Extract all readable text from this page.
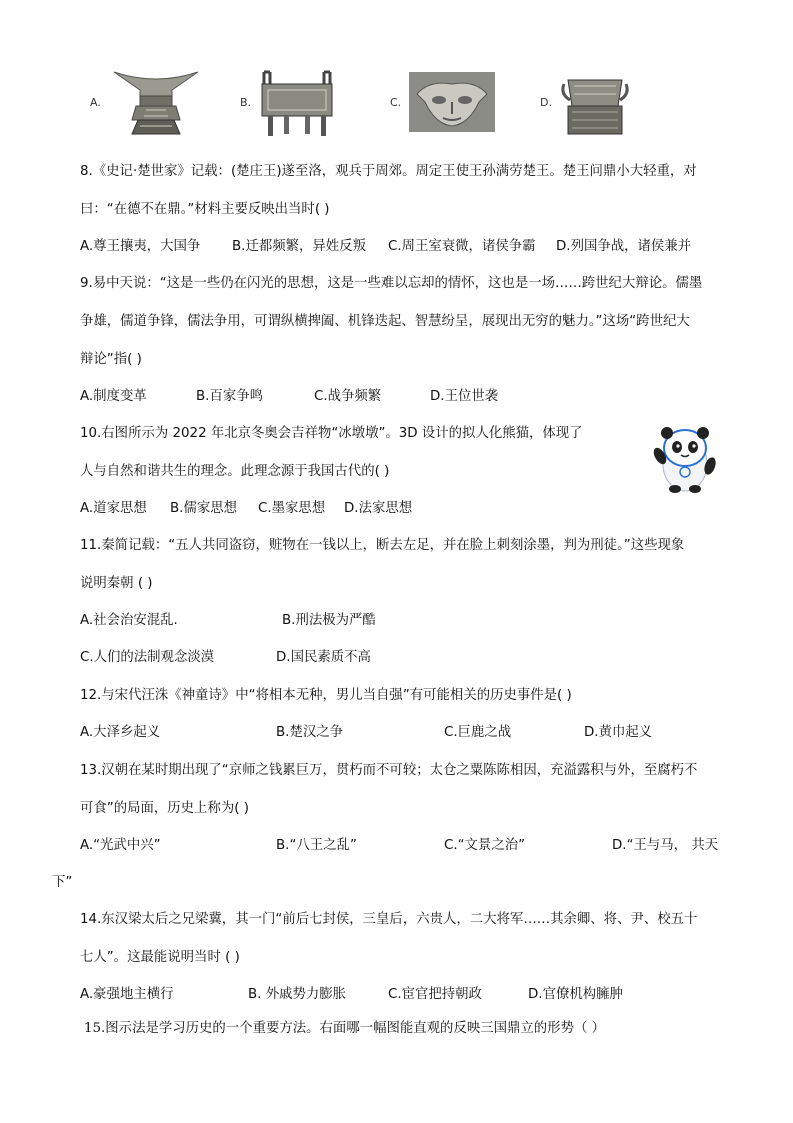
A.	B.	C.	D.
8.《史记·楚世家》记载：(楚庄王)遂至洛，观兵于周郊。周定王使王孙满劳楚王。楚王问鼎小大轻重，对
曰：“在德不在鼎。”材料主要反映出当时( )
A.尊王攘夷，大国争 B.迁都频繁，异姓反叛 C.周王室衰微，诸侯争霸 D.列国争战，诸侯兼并
9.易中天说：“这是一些仍在闪光的思想，这是一些难以忘却的情怀，这也是一场……跨世纪大辩论。儒墨
争雄，儒道争锋，儒法争用，可谓纵横捭阖、机锋迭起、智慧纷呈，展现出无穷的魅力。”这场“跨世纪大
辩论”指( )
A.制度变革	B.百家争鸣	C.战争频繁	D.王位世袭
10.右图所示为 2022 年北京冬奥会吉祥物“冰墩墩”。3D 设计的拟人化熊猫，体现了
人与自然和谐共生的理念。此理念源于我国古代的( )
A.道家思想 B.儒家思想 C.墨家思想 D.法家思想
11.秦简记载：“五人共同盗窃，赃物在一钱以上，断去左足，并在脸上刺刻涂墨，判为刑徒。”这些现象
说明秦朝 ( )
A.社会治安混乱.	B.刑法极为严酷
C.人们的法制观念淡漠	D.国民素质不高
12.与宋代汪洙《神童诗》中“将相本无种，男儿当自强”有可能相关的历史事件是( )
A.大泽乡起义	B.楚汉之争	C.巨鹿之战	D.黄巾起义
13.汉朝在某时期出现了“京师之钱累巨万，贯朽而不可较；太仓之粟陈陈相因，充溢露积与外，至腐朽不
可食”的局面，历史上称为( )
A.“光武中兴”	B.“八王之乱”	C.“文景之治”	D.“王与马， 共天
下”
14.东汉梁太后之兄梁冀，其一门“前后七封侯，三皇后，六贵人，二大将军……其余卿、将、尹、校五十
七人”。这最能说明当时 ( )
A.豪强地主横行	B. 外戚势力膨胀	C.宦官把持朝政	D.官僚机构臃肿
15.图示法是学习历史的一个重要方法。右面哪一幅图能直观的反映三国鼎立的形势（ ）
